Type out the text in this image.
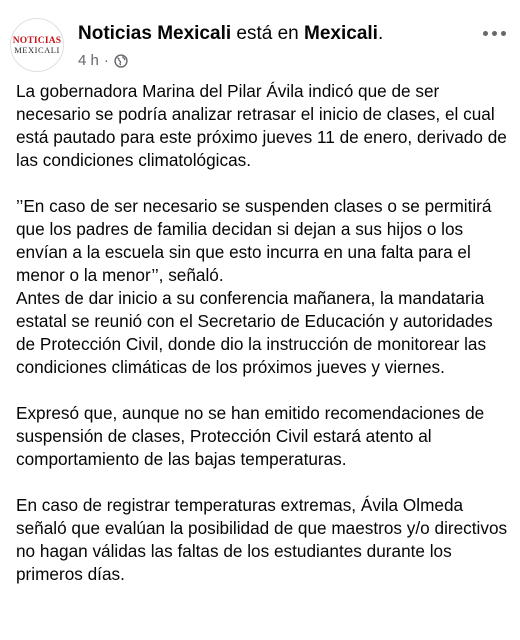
NOTICIAS
MEXICALI
Noticias Mexicali está en Mexicali.
4 h ·

La gobernadora Marina del Pilar Ávila indicó que de ser necesario se podría analizar retrasar el inicio de clases, el cual está pautado para este próximo jueves 11 de enero, derivado de las condiciones climatológicas.

’’En caso de ser necesario se suspenden clases o se permitirá que los padres de familia decidan si dejan a sus hijos o los envían a la escuela sin que esto incurra en una falta para el menor o la menor’’, señaló.

Antes de dar inicio a su conferencia mañanera, la mandataria estatal se reunió con el Secretario de Educación y autoridades de Protección Civil, donde dio la instrucción de monitorear las condiciones climáticas de los próximos jueves y viernes.

Expresó que, aunque no se han emitido recomendaciones de suspensión de clases, Protección Civil estará atento al comportamiento de las bajas temperaturas.

En caso de registrar temperaturas extremas, Ávila Olmeda señaló que evalúan la posibilidad de que maestros y/o directivos no hagan válidas las faltas de los estudiantes durante los primeros días.
